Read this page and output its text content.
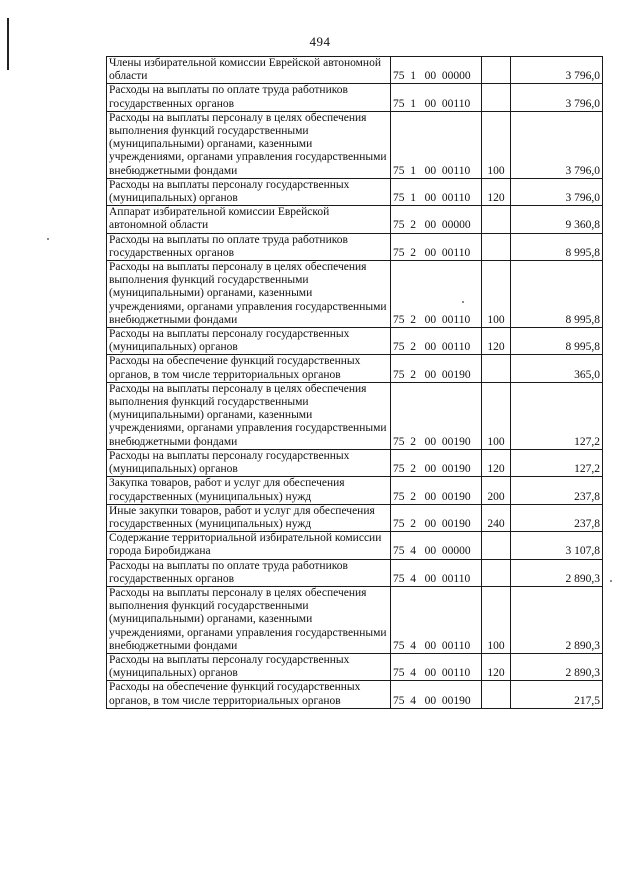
494
Члены избирательной комиссии Еврейской автономной области	75  1   00  00000		3 796,0
Расходы на выплаты по оплате труда работников государственных органов	75  1   00  00110		3 796,0
Расходы на выплаты персоналу в целях обеспечения выполнения функций государственными (муниципальными) органами, казенными учреждениями, органами управления государственными внебюджетными фондами	75  1   00  00110	100	3 796,0
Расходы на выплаты персоналу государственных (муниципальных) органов	75  1   00  00110	120	3 796,0
Аппарат избирательной комиссии Еврейской автономной области	75  2   00  00000		9 360,8
Расходы на выплаты по оплате труда работников государственных органов	75  2   00  00110		8 995,8
Расходы на выплаты персоналу в целях обеспечения выполнения функций государственными (муниципальными) органами, казенными учреждениями, органами управления государственными внебюджетными фондами	75  2   00  00110	100	8 995,8
Расходы на выплаты персоналу государственных (муниципальных) органов	75  2   00  00110	120	8 995,8
Расходы на обеспечение функций государственных органов, в том числе территориальных органов	75  2   00  00190		365,0
Расходы на выплаты персоналу в целях обеспечения выполнения функций государственными (муниципальными) органами, казенными учреждениями, органами управления государственными внебюджетными фондами	75  2   00  00190	100	127,2
Расходы на выплаты персоналу государственных (муниципальных) органов	75  2   00  00190	120	127,2
Закупка товаров, работ и услуг для обеспечения государственных (муниципальных) нужд	75  2   00  00190	200	237,8
Иные закупки товаров, работ и услуг для обеспечения государственных (муниципальных) нужд	75  2   00  00190	240	237,8
Содержание территориальной избирательной комиссии города Биробиджана	75  4   00  00000		3 107,8
Расходы на выплаты по оплате труда работников государственных органов	75  4   00  00110		2 890,3
Расходы на выплаты персоналу в целях обеспечения выполнения функций государственными (муниципальными) органами, казенными учреждениями, органами управления государственными внебюджетными фондами	75  4   00  00110	100	2 890,3
Расходы на выплаты персоналу государственных (муниципальных) органов	75  4   00  00110	120	2 890,3
Расходы на обеспечение функций государственных органов, в том числе территориальных органов	75  4   00  00190		217,5
